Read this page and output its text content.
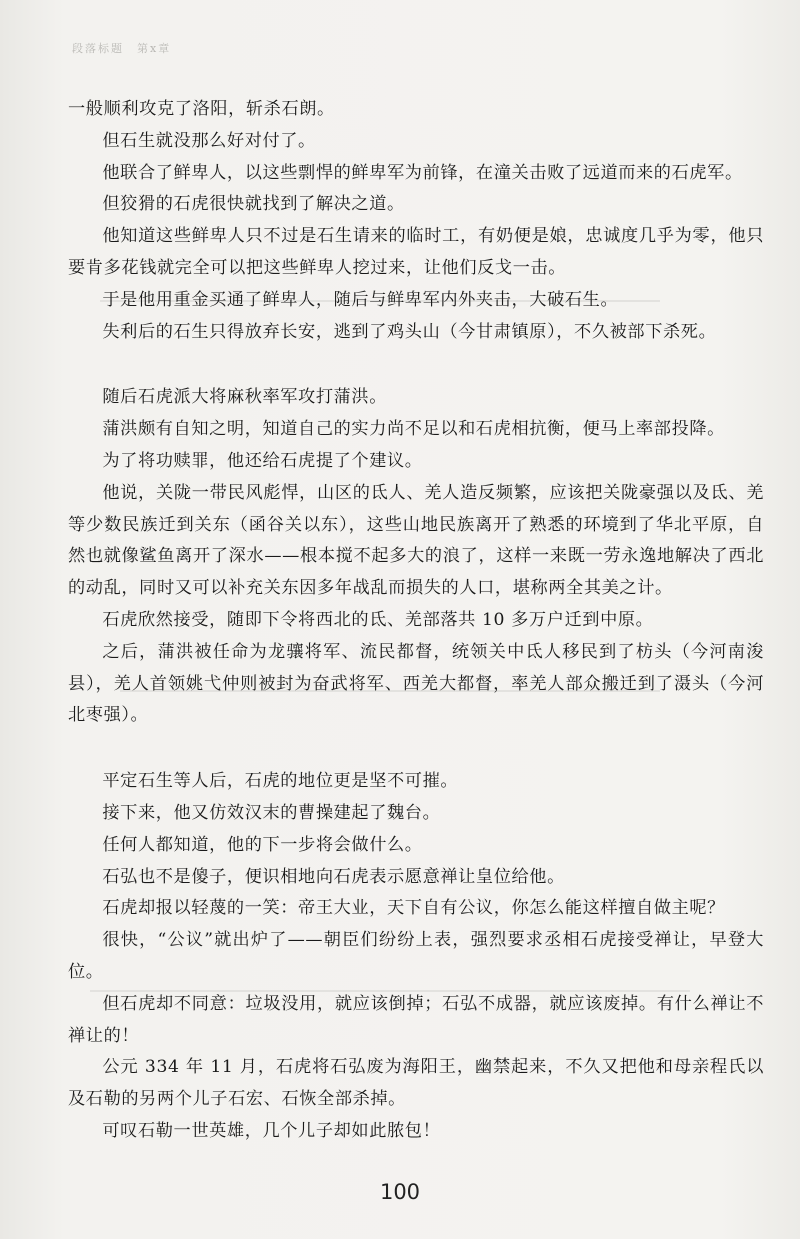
段落标题　第x章

一般顺利攻克了洛阳，斩杀石朗。

但石生就没那么好对付了。

他联合了鲜卑人，以这些剽悍的鲜卑军为前锋，在潼关击败了远道而来的石虎军。

但狡猾的石虎很快就找到了解决之道。

他知道这些鲜卑人只不过是石生请来的临时工，有奶便是娘，忠诚度几乎为零，他只要肯多花钱就完全可以把这些鲜卑人挖过来，让他们反戈一击。

于是他用重金买通了鲜卑人，随后与鲜卑军内外夹击，大破石生。

失利后的石生只得放弃长安，逃到了鸡头山（今甘肃镇原），不久被部下杀死。

随后石虎派大将麻秋率军攻打蒲洪。

蒲洪颇有自知之明，知道自己的实力尚不足以和石虎相抗衡，便马上率部投降。

为了将功赎罪，他还给石虎提了个建议。

他说，关陇一带民风彪悍，山区的氐人、羌人造反频繁，应该把关陇豪强以及氐、羌等少数民族迁到关东（函谷关以东），这些山地民族离开了熟悉的环境到了华北平原，自然也就像鲨鱼离开了深水——根本搅不起多大的浪了，这样一来既一劳永逸地解决了西北的动乱，同时又可以补充关东因多年战乱而损失的人口，堪称两全其美之计。

石虎欣然接受，随即下令将西北的氐、羌部落共 10 多万户迁到中原。

之后，蒲洪被任命为龙骧将军、流民都督，统领关中氐人移民到了枋头（今河南浚县），羌人首领姚弋仲则被封为奋武将军、西羌大都督，率羌人部众搬迁到了滠头（今河北枣强）。

平定石生等人后，石虎的地位更是坚不可摧。

接下来，他又仿效汉末的曹操建起了魏台。

任何人都知道，他的下一步将会做什么。

石弘也不是傻子，便识相地向石虎表示愿意禅让皇位给他。

石虎却报以轻蔑的一笑：帝王大业，天下自有公议，你怎么能这样擅自做主呢？

很快，“公议”就出炉了——朝臣们纷纷上表，强烈要求丞相石虎接受禅让，早登大位。

但石虎却不同意：垃圾没用，就应该倒掉；石弘不成器，就应该废掉。有什么禅让不禅让的！

公元 334 年 11 月，石虎将石弘废为海阳王，幽禁起来，不久又把他和母亲程氏以及石勒的另两个儿子石宏、石恢全部杀掉。

可叹石勒一世英雄，几个儿子却如此脓包！

100
